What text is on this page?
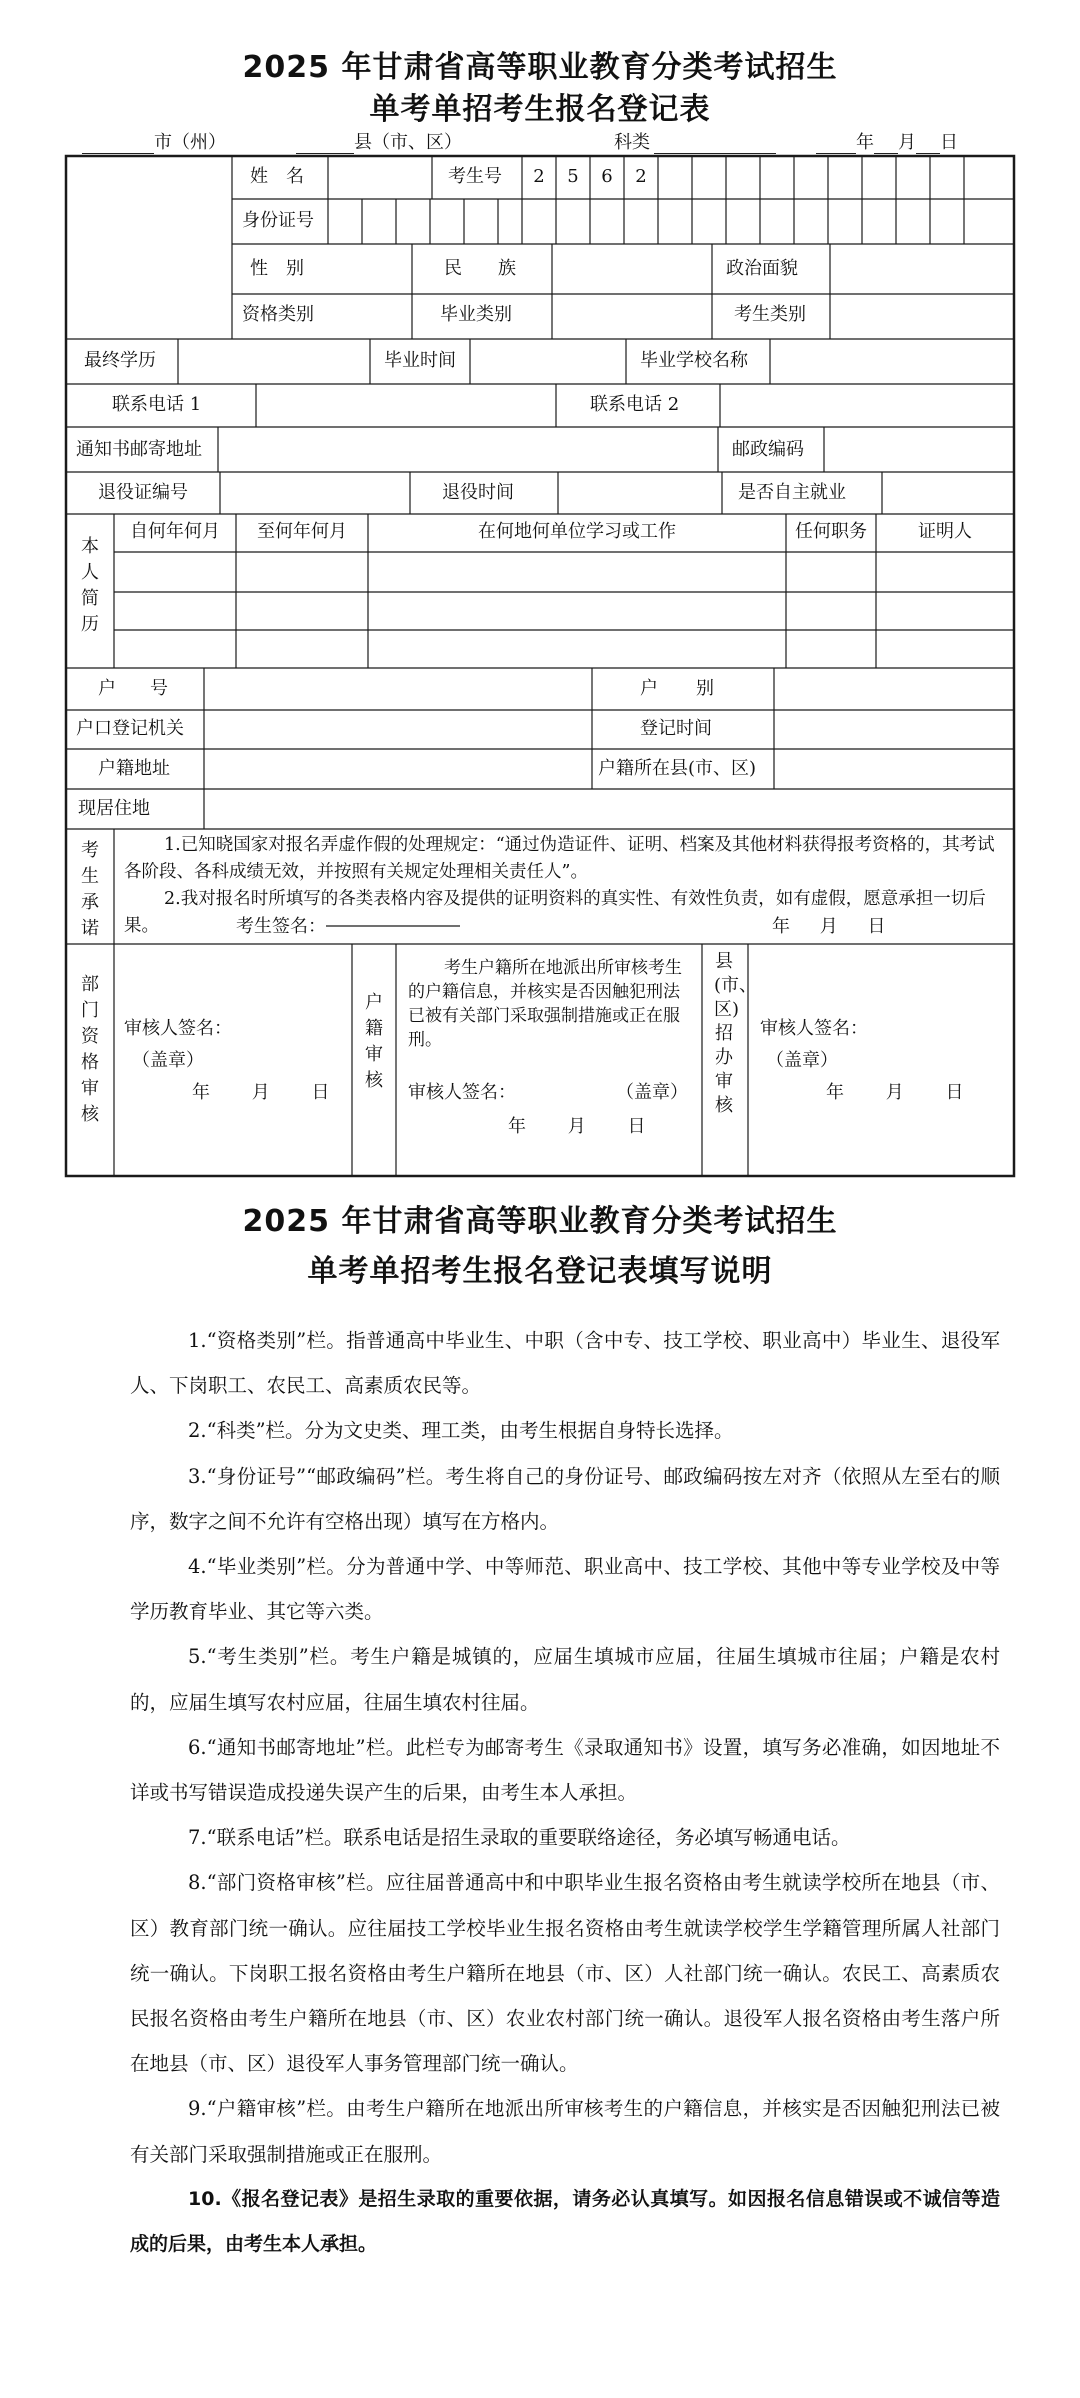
2025 年甘肃省高等职业教育分类考试招生
单考单招考生报名登记表
市（州）	县（市、区）	科类	年 月 日
姓　名	考生号	2	5	6	2
身份证号
性　别	民　　族	政治面貌
资格类别	毕业类别	考生类别
最终学历	毕业时间	毕业学校名称
联系电话 1	联系电话 2
通知书邮寄地址	邮政编码
退役证编号	退役时间	是否自主就业
本人简历
自何年何月	至何年何月	在何地何单位学习或工作	任何职务	证明人
户号	户别
户口登记机关	登记时间
户籍地址	户籍所在县(市、区)
现居住地
考生承诺
1.已知晓国家对报名弄虚作假的处理规定：“通过伪造证件、证明、档案及其他材料获得报考资格的，其考试各阶段、各科成绩无效，并按照有关规定处理相关责任人”。
2.我对报名时所填写的各类表格内容及提供的证明资料的真实性、有效性负责，如有虚假，愿意承担一切后果。	考生签名：	年 月 日
部门资格审核
审核人签名：
（盖章）
年 月 日
户籍审核
考生户籍所在地派出所审核考生的户籍信息，并核实是否因触犯刑法已被有关部门采取强制措施或正在服刑。
审核人签名：	（盖章）
年 月 日
县(市、区)招办审核
审核人签名：
（盖章）
年 月 日
2025 年甘肃省高等职业教育分类考试招生
单考单招考生报名登记表填写说明

1.“资格类别”栏。指普通高中毕业生、中职（含中专、技工学校、职业高中）毕业生、退役军人、下岗职工、农民工、高素质农民等。

2.“科类”栏。分为文史类、理工类，由考生根据自身特长选择。

3.“身份证号”“邮政编码”栏。考生将自己的身份证号、邮政编码按左对齐（依照从左至右的顺序，数字之间不允许有空格出现）填写在方格内。

4.“毕业类别”栏。分为普通中学、中等师范、职业高中、技工学校、其他中等专业学校及中等学历教育毕业、其它等六类。

5.“考生类别”栏。考生户籍是城镇的，应届生填城市应届，往届生填城市往届；户籍是农村的，应届生填写农村应届，往届生填农村往届。

6.“通知书邮寄地址”栏。此栏专为邮寄考生《录取通知书》设置，填写务必准确，如因地址不详或书写错误造成投递失误产生的后果，由考生本人承担。

7.“联系电话”栏。联系电话是招生录取的重要联络途径，务必填写畅通电话。

8.“部门资格审核”栏。应往届普通高中和中职毕业生报名资格由考生就读学校所在地县（市、区）教育部门统一确认。应往届技工学校毕业生报名资格由考生就读学校学生学籍管理所属人社部门统一确认。下岗职工报名资格由考生户籍所在地县（市、区）人社部门统一确认。农民工、高素质农民报名资格由考生户籍所在地县（市、区）农业农村部门统一确认。退役军人报名资格由考生落户所在地县（市、区）退役军人事务管理部门统一确认。

9.“户籍审核”栏。由考生户籍所在地派出所审核考生的户籍信息，并核实是否因触犯刑法已被有关部门采取强制措施或正在服刑。

10.《报名登记表》是招生录取的重要依据，请务必认真填写。如因报名信息错误或不诚信等造成的后果，由考生本人承担。
